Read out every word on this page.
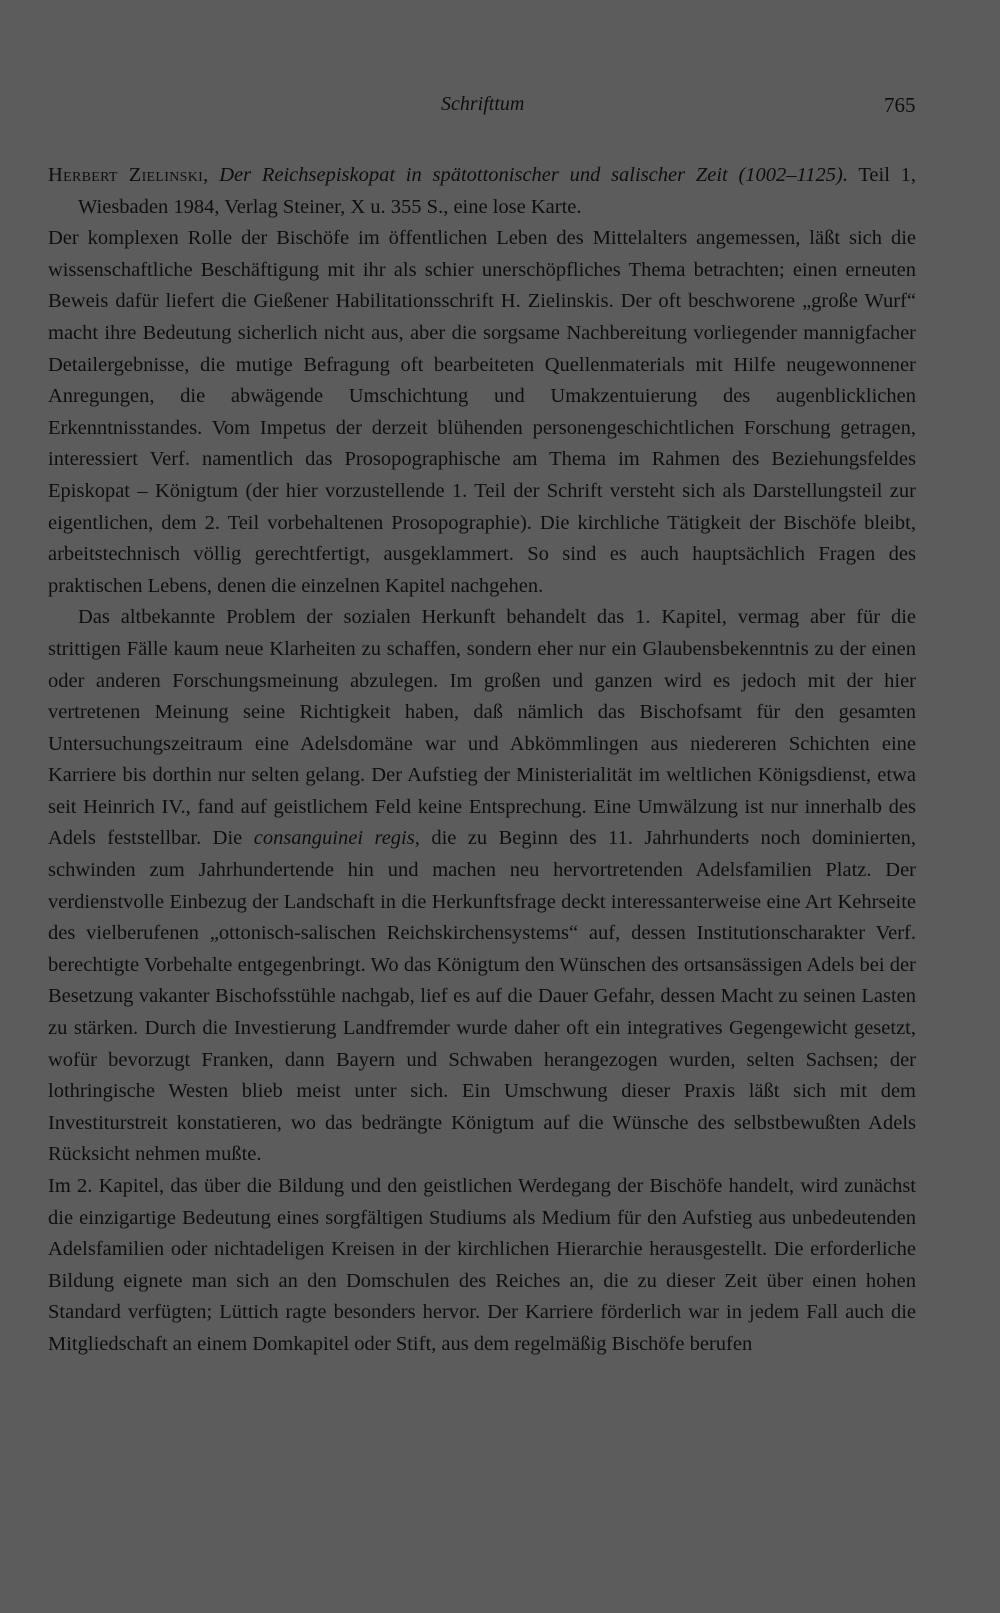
Schrifttum	765

Herbert Zielinski, Der Reichsepiskopat in spätottonischer und salischer Zeit (1002–1125). Teil 1, Wiesbaden 1984, Verlag Steiner, X u. 355 S., eine lose Karte.

Der komplexen Rolle der Bischöfe im öffentlichen Leben des Mittelalters angemessen, läßt sich die wissenschaftliche Beschäftigung mit ihr als schier unerschöpfliches Thema betrachten; einen erneuten Beweis dafür liefert die Gießener Habilitationsschrift H. Zielinskis. Der oft beschworene „große Wurf“ macht ihre Bedeutung sicherlich nicht aus, aber die sorgsame Nachbereitung vorliegender mannigfacher Detailergebnisse, die mutige Befragung oft bearbeiteten Quellenmaterials mit Hilfe neugewonnener Anregungen, die abwägende Umschichtung und Umakzentuierung des augenblicklichen Erkenntnisstandes. Vom Impetus der derzeit blühenden personengeschichtlichen Forschung getragen, interessiert Verf. namentlich das Prosopographische am Thema im Rahmen des Beziehungsfeldes Episkopat – Königtum (der hier vorzustellende 1. Teil der Schrift versteht sich als Darstellungsteil zur eigentlichen, dem 2. Teil vorbehaltenen Prosopographie). Die kirchliche Tätigkeit der Bischöfe bleibt, arbeitstechnisch völlig gerechtfertigt, ausgeklammert. So sind es auch hauptsächlich Fragen des praktischen Lebens, denen die einzelnen Kapitel nachgehen.

Das altbekannte Problem der sozialen Herkunft behandelt das 1. Kapitel, vermag aber für die strittigen Fälle kaum neue Klarheiten zu schaffen, sondern eher nur ein Glaubensbekenntnis zu der einen oder anderen Forschungsmeinung abzulegen. Im großen und ganzen wird es jedoch mit der hier vertretenen Meinung seine Richtigkeit haben, daß nämlich das Bischofsamt für den gesamten Untersuchungszeitraum eine Adelsdomäne war und Abkömmlingen aus niedereren Schichten eine Karriere bis dorthin nur selten gelang. Der Aufstieg der Ministerialität im weltlichen Königsdienst, etwa seit Heinrich IV., fand auf geistlichem Feld keine Entsprechung. Eine Umwälzung ist nur innerhalb des Adels feststellbar. Die consanguinei regis, die zu Beginn des 11. Jahrhunderts noch dominierten, schwinden zum Jahrhundertende hin und machen neu hervortretenden Adelsfamilien Platz. Der verdienstvolle Einbezug der Landschaft in die Herkunftsfrage deckt interessanterweise eine Art Kehrseite des vielberufenen „ottonisch-salischen Reichskirchensystems“ auf, dessen Institutionscharakter Verf. berechtigte Vorbehalte entgegenbringt. Wo das Königtum den Wünschen des ortsansässigen Adels bei der Besetzung vakanter Bischofsstühle nachgab, lief es auf die Dauer Gefahr, dessen Macht zu seinen Lasten zu stärken. Durch die Investierung Landfremder wurde daher oft ein integratives Gegengewicht gesetzt, wofür bevorzugt Franken, dann Bayern und Schwaben herangezogen wurden, selten Sachsen; der lothringische Westen blieb meist unter sich. Ein Umschwung dieser Praxis läßt sich mit dem Investiturstreit konstatieren, wo das bedrängte Königtum auf die Wünsche des selbstbewußten Adels Rücksicht nehmen mußte.

Im 2. Kapitel, das über die Bildung und den geistlichen Werdegang der Bischöfe handelt, wird zunächst die einzigartige Bedeutung eines sorgfältigen Studiums als Medium für den Aufstieg aus unbedeutenden Adelsfamilien oder nichtadeligen Kreisen in der kirchlichen Hierarchie herausgestellt. Die erforderliche Bildung eignete man sich an den Domschulen des Reiches an, die zu dieser Zeit über einen hohen Standard verfügten; Lüttich ragte besonders hervor. Der Karriere förderlich war in jedem Fall auch die Mitgliedschaft an einem Domkapitel oder Stift, aus dem regelmäßig Bischöfe berufen
